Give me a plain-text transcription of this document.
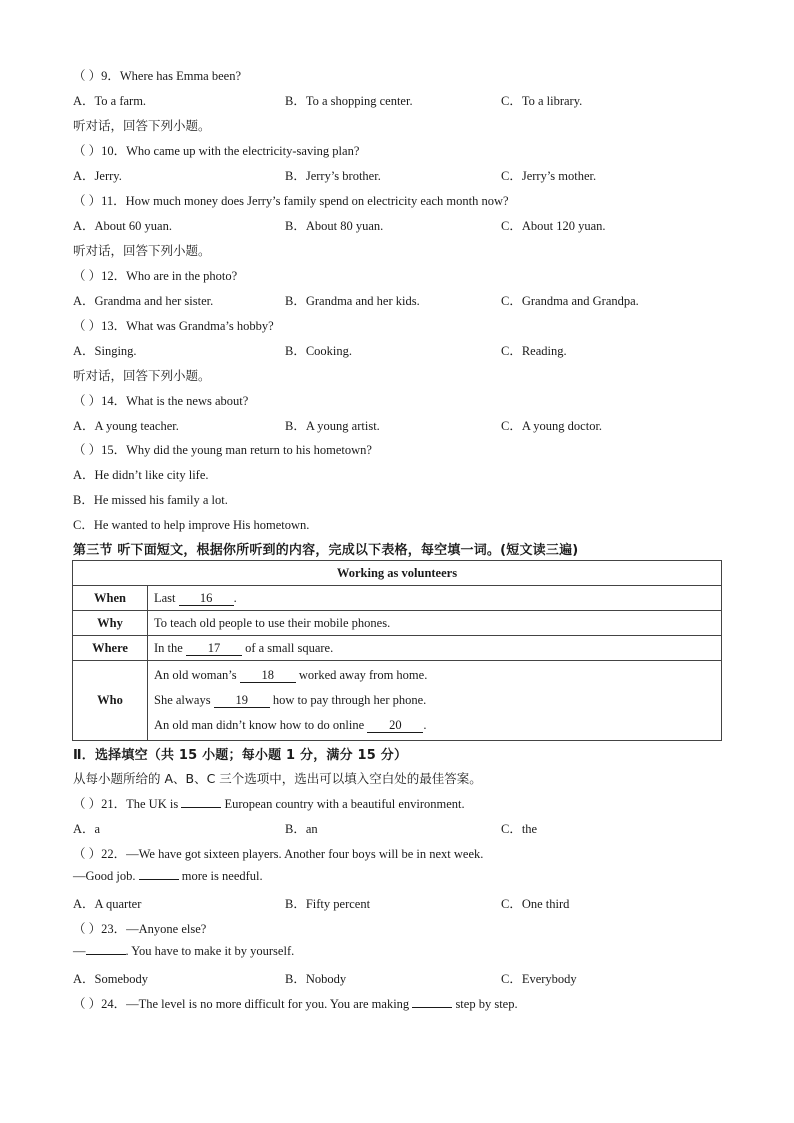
（ ）9．Where has Emma been?
A．To a farm.	B．To a shopping center.	C．To a library.
听对话，回答下列小题。
（ ）10．Who came up with the electricity-saving plan?
A．Jerry.	B．Jerry’s brother.	C．Jerry’s mother.
（ ）11．How much money does Jerry’s family spend on electricity each month now?
A．About 60 yuan.	B．About 80 yuan.	C．About 120 yuan.
听对话，回答下列小题。
（ ）12．Who are in the photo?
A．Grandma and her sister.	B．Grandma and her kids.	C．Grandma and Grandpa.
（ ）13．What was Grandma’s hobby?
A．Singing.	B．Cooking.	C．Reading.
听对话，回答下列小题。
（ ）14．What is the news about?
A．A young teacher.	B．A young artist.	C．A young doctor.
（ ）15．Why did the young man return to his hometown?
A．He didn’t like city life.
B．He missed his family a lot.
C．He wanted to help improve His hometown.
第三节 听下面短文，根据你所听到的内容，完成以下表格，每空填一词。(短文读三遍)
Working as volunteers	
When	Last 16 .
Why	To teach old people to use their mobile phones.
Where	In the 17 of a small square.
Who	An old woman’s 18 worked away from home.
She always 19 how to pay through her phone.
An old man didn’t know how to do online 20 .
Ⅱ．选择填空（共 15 小题；每小题 1 分，满分 15 分）
从每小题所给的 A、B、C 三个选项中，选出可以填入空白处的最佳答案。
（ ）21．The UK is	European country with a beautiful environment.
A．a	B．an	C．the
（ ）22．—We have got sixteen players. Another four boys will be in next week.
—Good job.	more is needful.
A．A quarter	B．Fifty percent	C．One third
（ ）23．—Anyone else?
—	. You have to make it by yourself.
A．Somebody	B．Nobody	C．Everybody
（ ）24．—The level is no more difficult for you. You are making	step by step.
